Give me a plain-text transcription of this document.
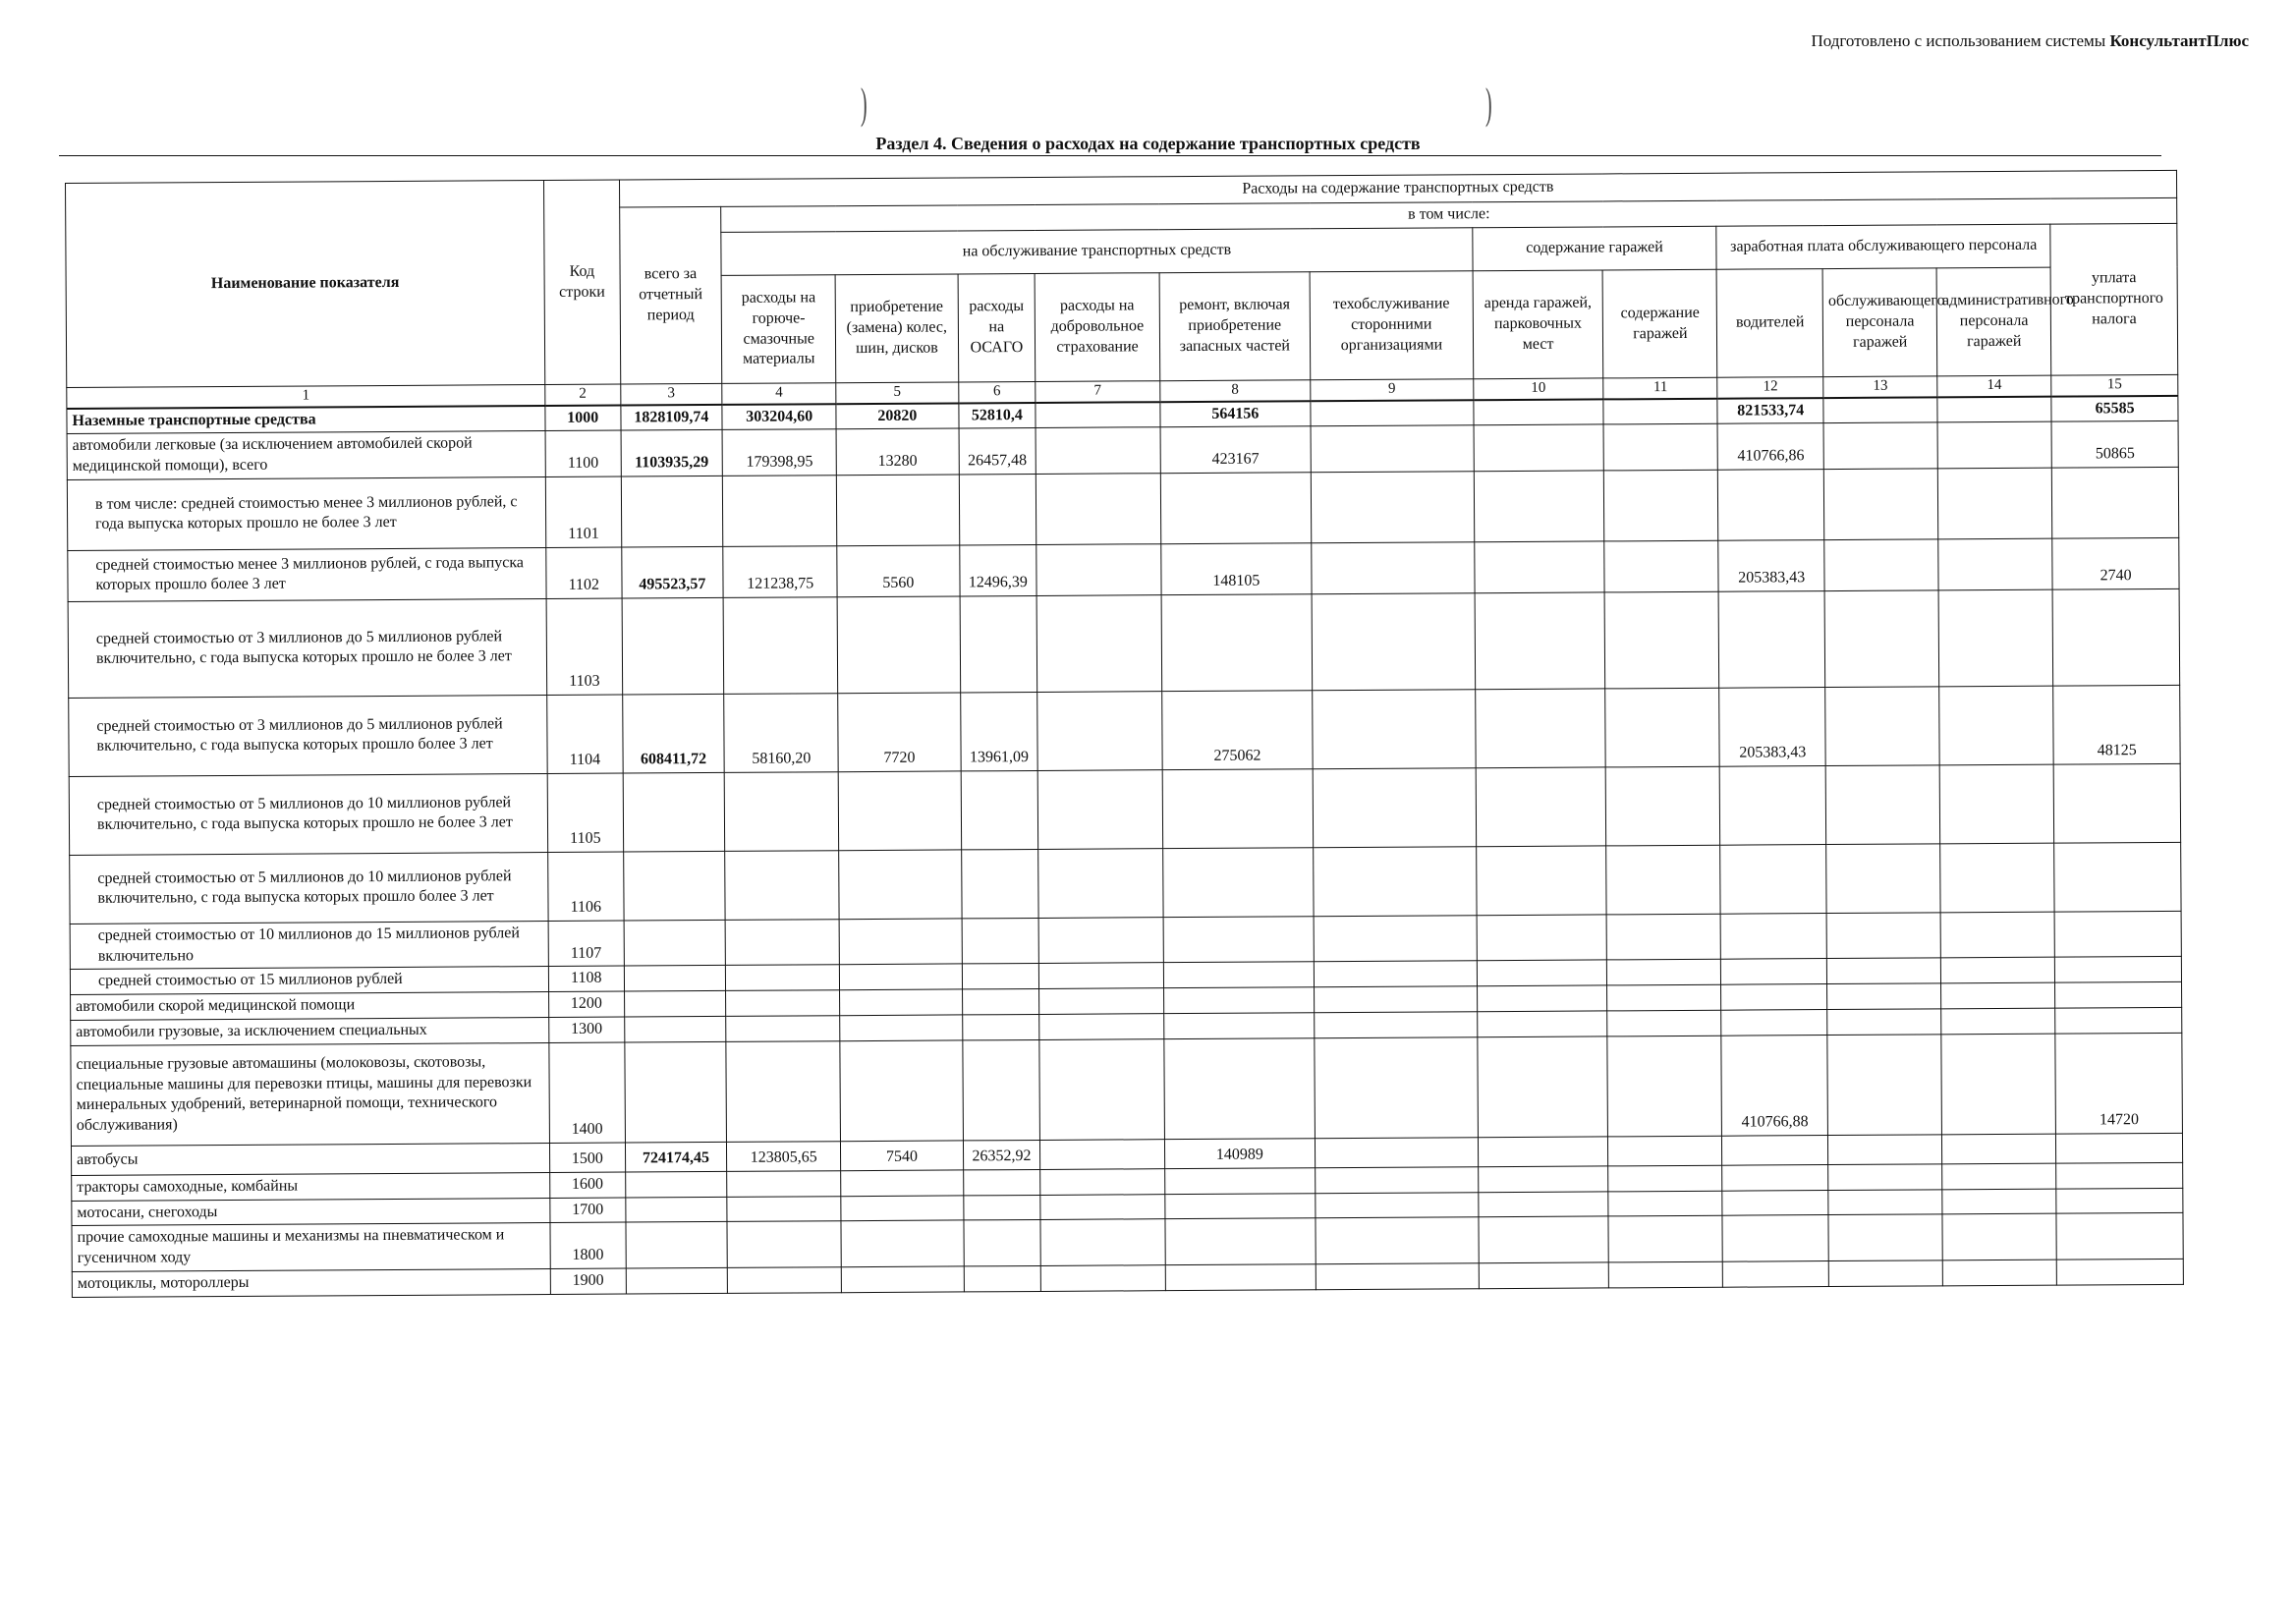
Подготовлено с использованием системы КонсультантПлюс
)	)
Раздел 4. Сведения о расходах на содержание транспортных средств
Наименование показателя	Код строки	Расходы на содержание транспортных средств												
		всего за отчетный период	в том числе:											
			на обслуживание транспортных средств						содержание гаражей		заработная плата обслуживающего персонала			уплата транспортного налога
			расходы на горюче-смазочные материалы	приобретение (замена) колес, шин, дисков	расходы на ОСАГО	расходы на добровольное страхование	ремонт, включая приобретение запасных частей	техобслуживание сторонними организациями	аренда гаражей, парковочных мест	содержание гаражей	водителей	обслуживающего персонала гаражей	административного персонала гаражей	
1	2	3	4	5	6	7	8	9	10	11	12	13	14	15
Наземные транспортные средства	1000	1828109,74	303204,60	20820	52810,4		564156				821533,74			65585
автомобили легковые (за исключением автомобилей скорой медицинской помощи), всего	1100	1103935,29	179398,95	13280	26457,48		423167				410766,86			50865
в том числе: средней стоимостью менее 3 миллионов рублей, с года выпуска которых прошло не более 3 лет	1101													
средней стоимостью менее 3 миллионов рублей, с года выпуска которых прошло более 3 лет	1102	495523,57	121238,75	5560	12496,39		148105				205383,43			2740
средней стоимостью от 3 миллионов до 5 миллионов рублей включительно, с года выпуска которых прошло не более 3 лет	1103													
средней стоимостью от 3 миллионов до 5 миллионов рублей включительно, с года выпуска которых прошло более 3 лет	1104	608411,72	58160,20	7720	13961,09		275062				205383,43			48125
средней стоимостью от 5 миллионов до 10 миллионов рублей включительно, с года выпуска которых прошло не более 3 лет	1105													
средней стоимостью от 5 миллионов до 10 миллионов рублей включительно, с года выпуска которых прошло более 3 лет	1106													
средней стоимостью от 10 миллионов до 15 миллионов рублей включительно	1107													
средней стоимостью от 15 миллионов рублей	1108													
автомобили скорой медицинской помощи	1200													
автомобили грузовые, за исключением специальных	1300													
специальные грузовые автомашины (молоковозы, скотовозы, специальные машины для перевозки птицы, машины для перевозки минеральных удобрений, ветеринарной помощи, технического обслуживания)	1400										410766,88			14720
автобусы	1500	724174,45	123805,65	7540	26352,92		140989							
тракторы самоходные, комбайны	1600													
мотосани, снегоходы	1700													
прочие самоходные машины и механизмы на пневматическом и гусеничном ходу	1800													
мотоциклы, мотороллеры	1900													
